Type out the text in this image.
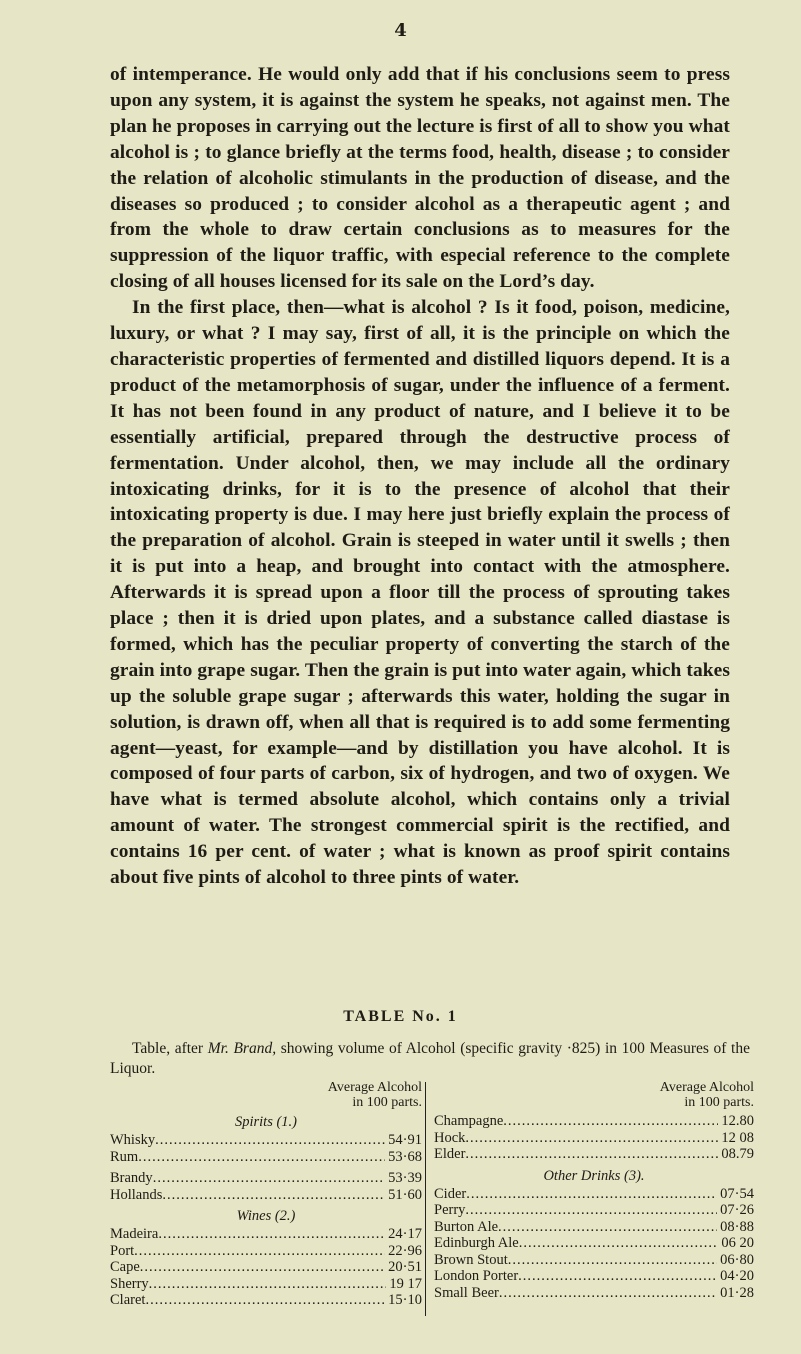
4

of intemperance. He would only add that if his conclusions seem to press upon any system, it is against the system he speaks, not against men. The plan he proposes in carrying out the lecture is first of all to show you what alcohol is ; to glance briefly at the terms food, health, disease ; to consider the relation of alcoholic stimulants in the production of disease, and the diseases so produced ; to consider alcohol as a therapeutic agent ; and from the whole to draw certain conclusions as to measures for the suppression of the liquor traffic, with especial reference to the complete closing of all houses licensed for its sale on the Lord’s day.

In the first place, then—what is alcohol ? Is it food, poison, medicine, luxury, or what ? I may say, first of all, it is the principle on which the characteristic properties of fermented and distilled liquors depend. It is a product of the metamorphosis of sugar, under the influence of a ferment. It has not been found in any product of nature, and I believe it to be essentially artificial, prepared through the destructive process of fermentation. Under alcohol, then, we may include all the ordinary intoxicating drinks, for it is to the presence of alcohol that their intoxicating property is due. I may here just briefly explain the process of the preparation of alcohol. Grain is steeped in water until it swells ; then it is put into a heap, and brought into contact with the atmosphere. Afterwards it is spread upon a floor till the process of sprouting takes place ; then it is dried upon plates, and a substance called diastase is formed, which has the peculiar property of converting the starch of the grain into grape sugar. Then the grain is put into water again, which takes up the soluble grape sugar ; afterwards this water, holding the sugar in solution, is drawn off, when all that is required is to add some fermenting agent—yeast, for example—and by distillation you have alcohol. It is composed of four parts of carbon, six of hydrogen, and two of oxygen. We have what is termed absolute alcohol, which contains only a trivial amount of water. The strongest commercial spirit is the rectified, and contains 16 per cent. of water ; what is known as proof spirit contains about five pints of alcohol to three pints of water.

TABLE No. 1
Table, after Mr. Brand, showing volume of Alcohol (specific gravity ·825) in 100 Measures of the Liquor.
Average Alcohol
in 100 parts.
Spirits (1.)
Whisky .....	54·91
Rum .....	53·68
Brandy .....	53·39
Hollands .....	51·60
Wines (2.)
Madeira .....	24·17
Port .....	22·96
Cape .....	20·51
Sherry .....	19 17
Claret .....	15·10
Average Alcohol
in 100 parts.
Champagne .....	12.80
Hock .....	12 08
Elder .....	08.79
Other Drinks (3).
Cider .....	07·54
Perry .....	07·26
Burton Ale .....	08·88
Edinburgh Ale .....	06 20
Brown Stout .....	06·80
London Porter .....	04·20
Small Beer .....	01·28
